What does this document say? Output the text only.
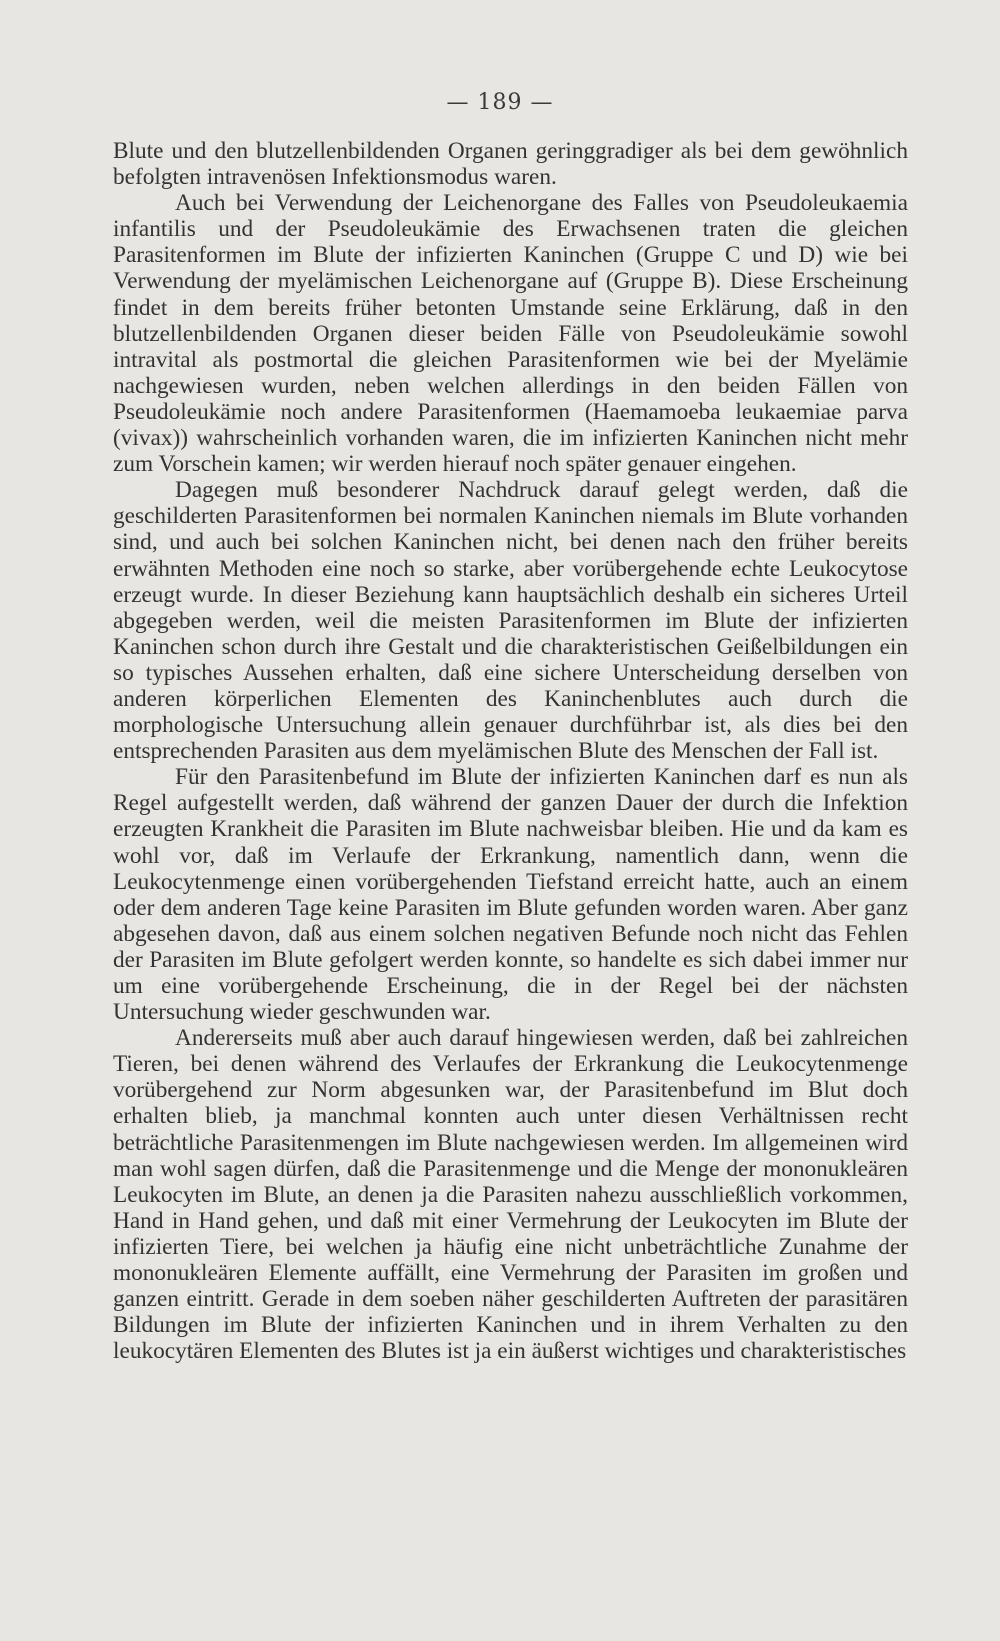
— 189 —

Blute und den blutzellenbildenden Organen geringgradiger als bei dem gewöhnlich befolgten intravenösen Infektionsmodus waren.

Auch bei Verwendung der Leichenorgane des Falles von Pseudoleukaemia infantilis und der Pseudoleukämie des Erwachsenen traten die gleichen Parasitenformen im Blute der infizierten Kaninchen (Gruppe C und D) wie bei Verwendung der myelämischen Leichenorgane auf (Gruppe B). Diese Erscheinung findet in dem bereits früher betonten Umstande seine Erklärung, daß in den blutzellenbildenden Organen dieser beiden Fälle von Pseudoleukämie sowohl intravital als postmortal die gleichen Parasitenformen wie bei der Myelämie nachgewiesen wurden, neben welchen allerdings in den beiden Fällen von Pseudoleukämie noch andere Parasitenformen (Haemamoeba leukaemiae parva (vivax)) wahrscheinlich vorhanden waren, die im infizierten Kaninchen nicht mehr zum Vorschein kamen; wir werden hierauf noch später genauer eingehen.

Dagegen muß besonderer Nachdruck darauf gelegt werden, daß die geschilderten Parasitenformen bei normalen Kaninchen niemals im Blute vorhanden sind, und auch bei solchen Kaninchen nicht, bei denen nach den früher bereits erwähnten Methoden eine noch so starke, aber vorübergehende echte Leukocytose erzeugt wurde. In dieser Beziehung kann hauptsächlich deshalb ein sicheres Urteil abgegeben werden, weil die meisten Parasitenformen im Blute der infizierten Kaninchen schon durch ihre Gestalt und die charakteristischen Geißelbildungen ein so typisches Aussehen erhalten, daß eine sichere Unterscheidung derselben von anderen körperlichen Elementen des Kaninchenblutes auch durch die morphologische Untersuchung allein genauer durchführbar ist, als dies bei den entsprechenden Parasiten aus dem myelämischen Blute des Menschen der Fall ist.

Für den Parasitenbefund im Blute der infizierten Kaninchen darf es nun als Regel aufgestellt werden, daß während der ganzen Dauer der durch die Infektion erzeugten Krankheit die Parasiten im Blute nachweisbar bleiben. Hie und da kam es wohl vor, daß im Verlaufe der Erkrankung, namentlich dann, wenn die Leukocytenmenge einen vorübergehenden Tiefstand erreicht hatte, auch an einem oder dem anderen Tage keine Parasiten im Blute gefunden worden waren. Aber ganz abgesehen davon, daß aus einem solchen negativen Befunde noch nicht das Fehlen der Parasiten im Blute gefolgert werden konnte, so handelte es sich dabei immer nur um eine vorübergehende Erscheinung, die in der Regel bei der nächsten Untersuchung wieder geschwunden war.

Andererseits muß aber auch darauf hingewiesen werden, daß bei zahlreichen Tieren, bei denen während des Verlaufes der Erkrankung die Leukocytenmenge vorübergehend zur Norm abgesunken war, der Parasitenbefund im Blut doch erhalten blieb, ja manchmal konnten auch unter diesen Verhältnissen recht beträchtliche Parasitenmengen im Blute nachgewiesen werden. Im allgemeinen wird man wohl sagen dürfen, daß die Parasitenmenge und die Menge der mononukleären Leukocyten im Blute, an denen ja die Parasiten nahezu ausschließlich vorkommen, Hand in Hand gehen, und daß mit einer Vermehrung der Leukocyten im Blute der infizierten Tiere, bei welchen ja häufig eine nicht unbeträchtliche Zunahme der mononukleären Elemente auffällt, eine Vermehrung der Parasiten im großen und ganzen eintritt. Gerade in dem soeben näher geschilderten Auftreten der parasitären Bildungen im Blute der infizierten Kaninchen und in ihrem Verhalten zu den leukocytären Elementen des Blutes ist ja ein äußerst wichtiges und charakteristisches
